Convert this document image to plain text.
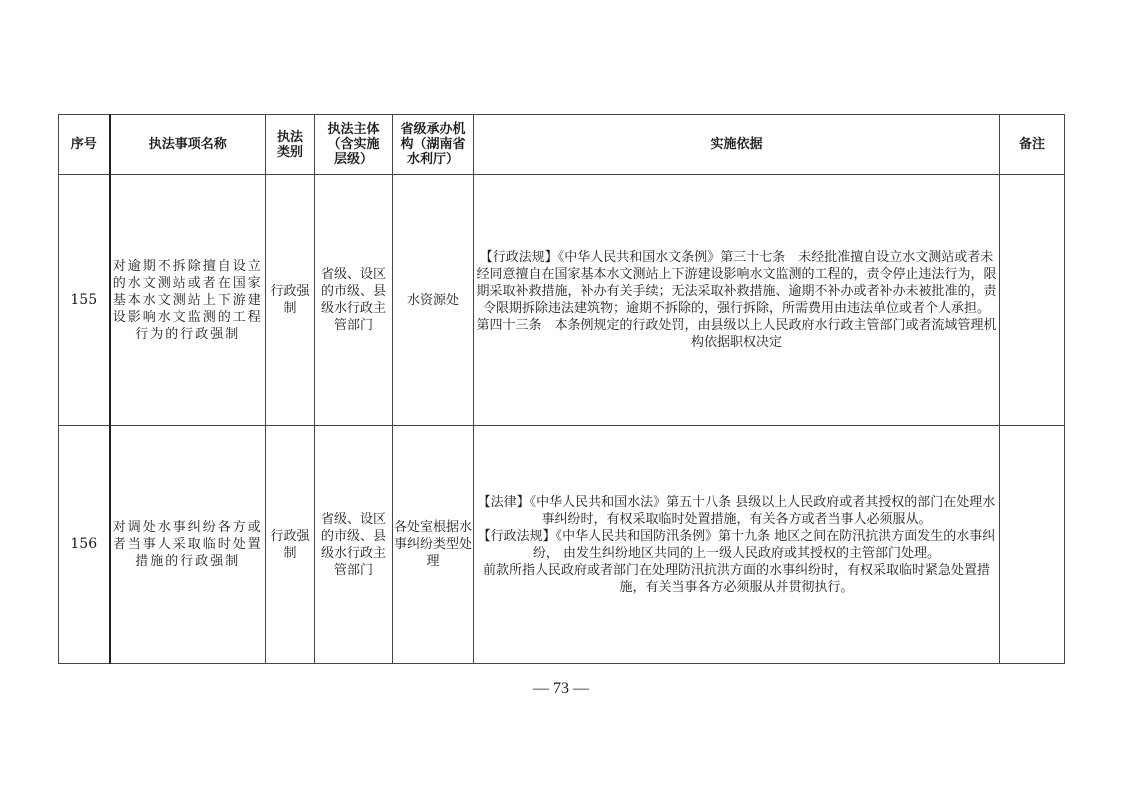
序号	执法事项名称	执法类别	执法主体（含实施层级）	省级承办机构（湖南省水利厅）	实施依据	备注
155	对逾期不拆除擅自设立的水文测站或者在国家基本水文测站上下游建设影响水文监测的工程行为的行政强制	行政强制	省级、设区的市级、县级水行政主管部门	水资源处	【行政法规】《中华人民共和国水文条例》第三十七条　未经批准擅自设立水文测站或者未经同意擅自在国家基本水文测站上下游建设影响水文监测的工程的，责令停止违法行为，限期采取补救措施，补办有关手续；无法采取补救措施、逾期不补办或者补办未被批准的，责令限期拆除违法建筑物；逾期不拆除的，强行拆除，所需费用由违法单位或者个人承担。
第四十三条　本条例规定的行政处罚，由县级以上人民政府水行政主管部门或者流域管理机构依据职权决定	

156	对调处水事纠纷各方或者当事人采取临时处置措施的行政强制	行政强制	省级、设区的市级、县级水行政主管部门	各处室根据水事纠纷类型处理	【法律】《中华人民共和国水法》第五十八条 县级以上人民政府或者其授权的部门在处理水事纠纷时，有权采取临时处置措施，有关各方或者当事人必须服从。
【行政法规】《中华人民共和国防汛条例》第十九条 地区之间在防汛抗洪方面发生的水事纠纷， 由发生纠纷地区共同的上一级人民政府或其授权的主管部门处理。
前款所指人民政府或者部门在处理防汛抗洪方面的水事纠纷时，有权采取临时紧急处置措施，有关当事各方必须服从并贯彻执行。	

— 73 —
